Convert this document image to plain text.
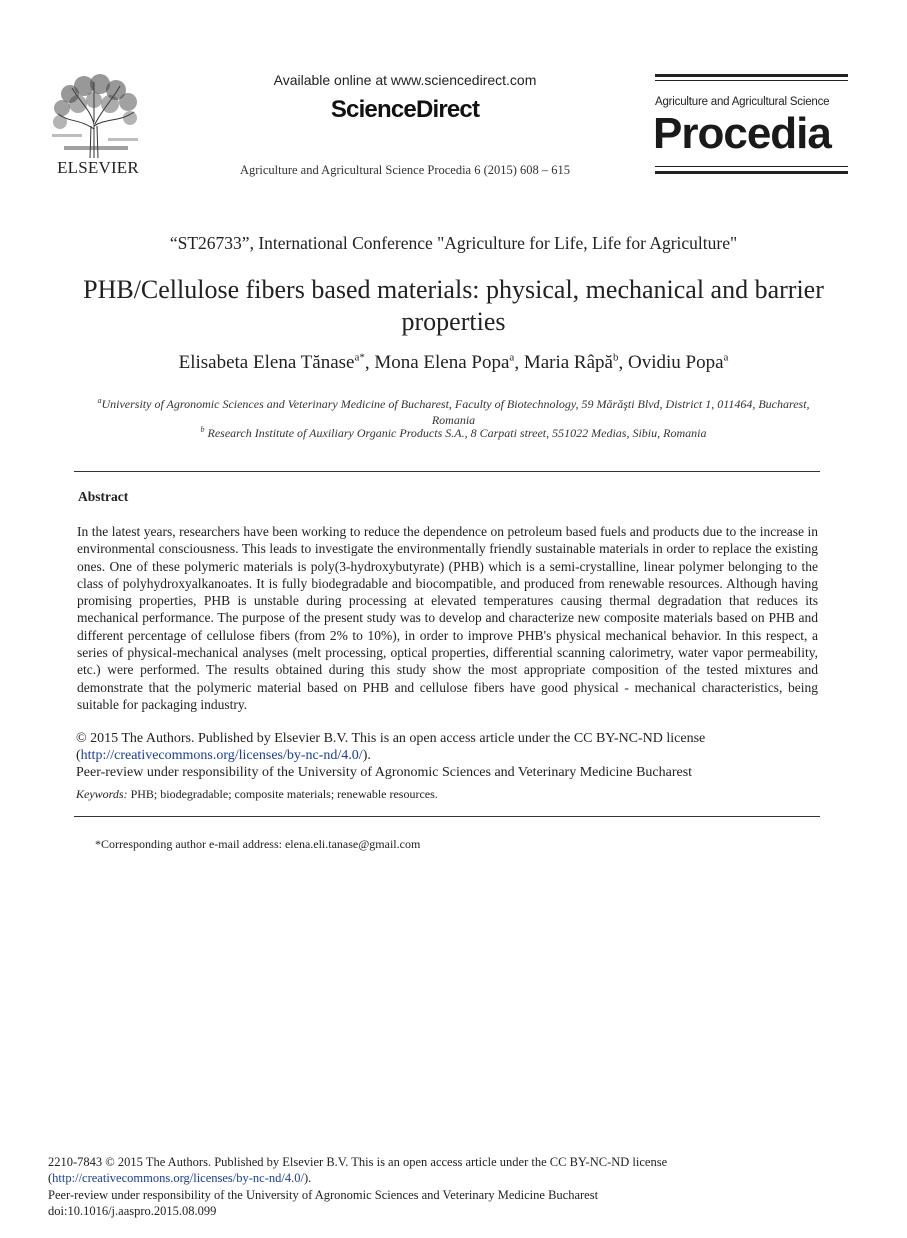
ELSEVIER
Available online at www.sciencedirect.com
ScienceDirect
Agriculture and Agricultural Science Procedia 6 (2015) 608 – 615
Agriculture and Agricultural Science
Procedia
“ST26733”, International Conference "Agriculture for Life, Life for Agriculture"
PHB/Cellulose fibers based materials: physical, mechanical and barrier properties
Elisabeta Elena Tănase$^{a*}$, Mona Elena Popa$^a$, Maria Râpă$^b$, Ovidiu Popa$^a$
$^a$University of Agronomic Sciences and Veterinary Medicine of Bucharest, Faculty of Biotechnology, 59 Mărăşti Blvd, District 1, 011464, Bucharest, Romania
$^b$ Research Institute of Auxiliary Organic Products S.A., 8 Carpati street, 551022 Medias, Sibiu, Romania
Abstract
In the latest years, researchers have been working to reduce the dependence on petroleum based fuels and products due to the increase in environmental consciousness. This leads to investigate the environmentally friendly sustainable materials in order to replace the existing ones. One of these polymeric materials is poly(3-hydroxybutyrate) (PHB) which is a semi-crystalline, linear polymer belonging to the class of polyhydroxyalkanoates. It is fully biodegradable and biocompatible, and produced from renewable resources. Although having promising properties, PHB is unstable during processing at elevated temperatures causing thermal degradation that reduces its mechanical performance. The purpose of the present study was to develop and characterize new composite materials based on PHB and different percentage of cellulose fibers (from 2% to 10%), in order to improve PHB's physical mechanical behavior. In this respect, a series of physical-mechanical analyses (melt processing, optical properties, differential scanning calorimetry, water vapor permeability, etc.) were performed. The results obtained during this study show the most appropriate composition of the tested mixtures and demonstrate that the polymeric material based on PHB and cellulose fibers have good physical - mechanical characteristics, being suitable for packaging industry.
© 2015 The Authors. Published by Elsevier B.V. This is an open access article under the CC BY-NC-ND license
(http://creativecommons.org/licenses/by-nc-nd/4.0/).
Peer-review under responsibility of the University of Agronomic Sciences and Veterinary Medicine Bucharest
Keywords: PHB; biodegradable; composite materials; renewable resources.
*Corresponding author e-mail address: elena.eli.tanase@gmail.com
2210-7843 © 2015 The Authors. Published by Elsevier B.V. This is an open access article under the CC BY-NC-ND license
(http://creativecommons.org/licenses/by-nc-nd/4.0/).
Peer-review under responsibility of the University of Agronomic Sciences and Veterinary Medicine Bucharest
doi:10.1016/j.aaspro.2015.08.099
